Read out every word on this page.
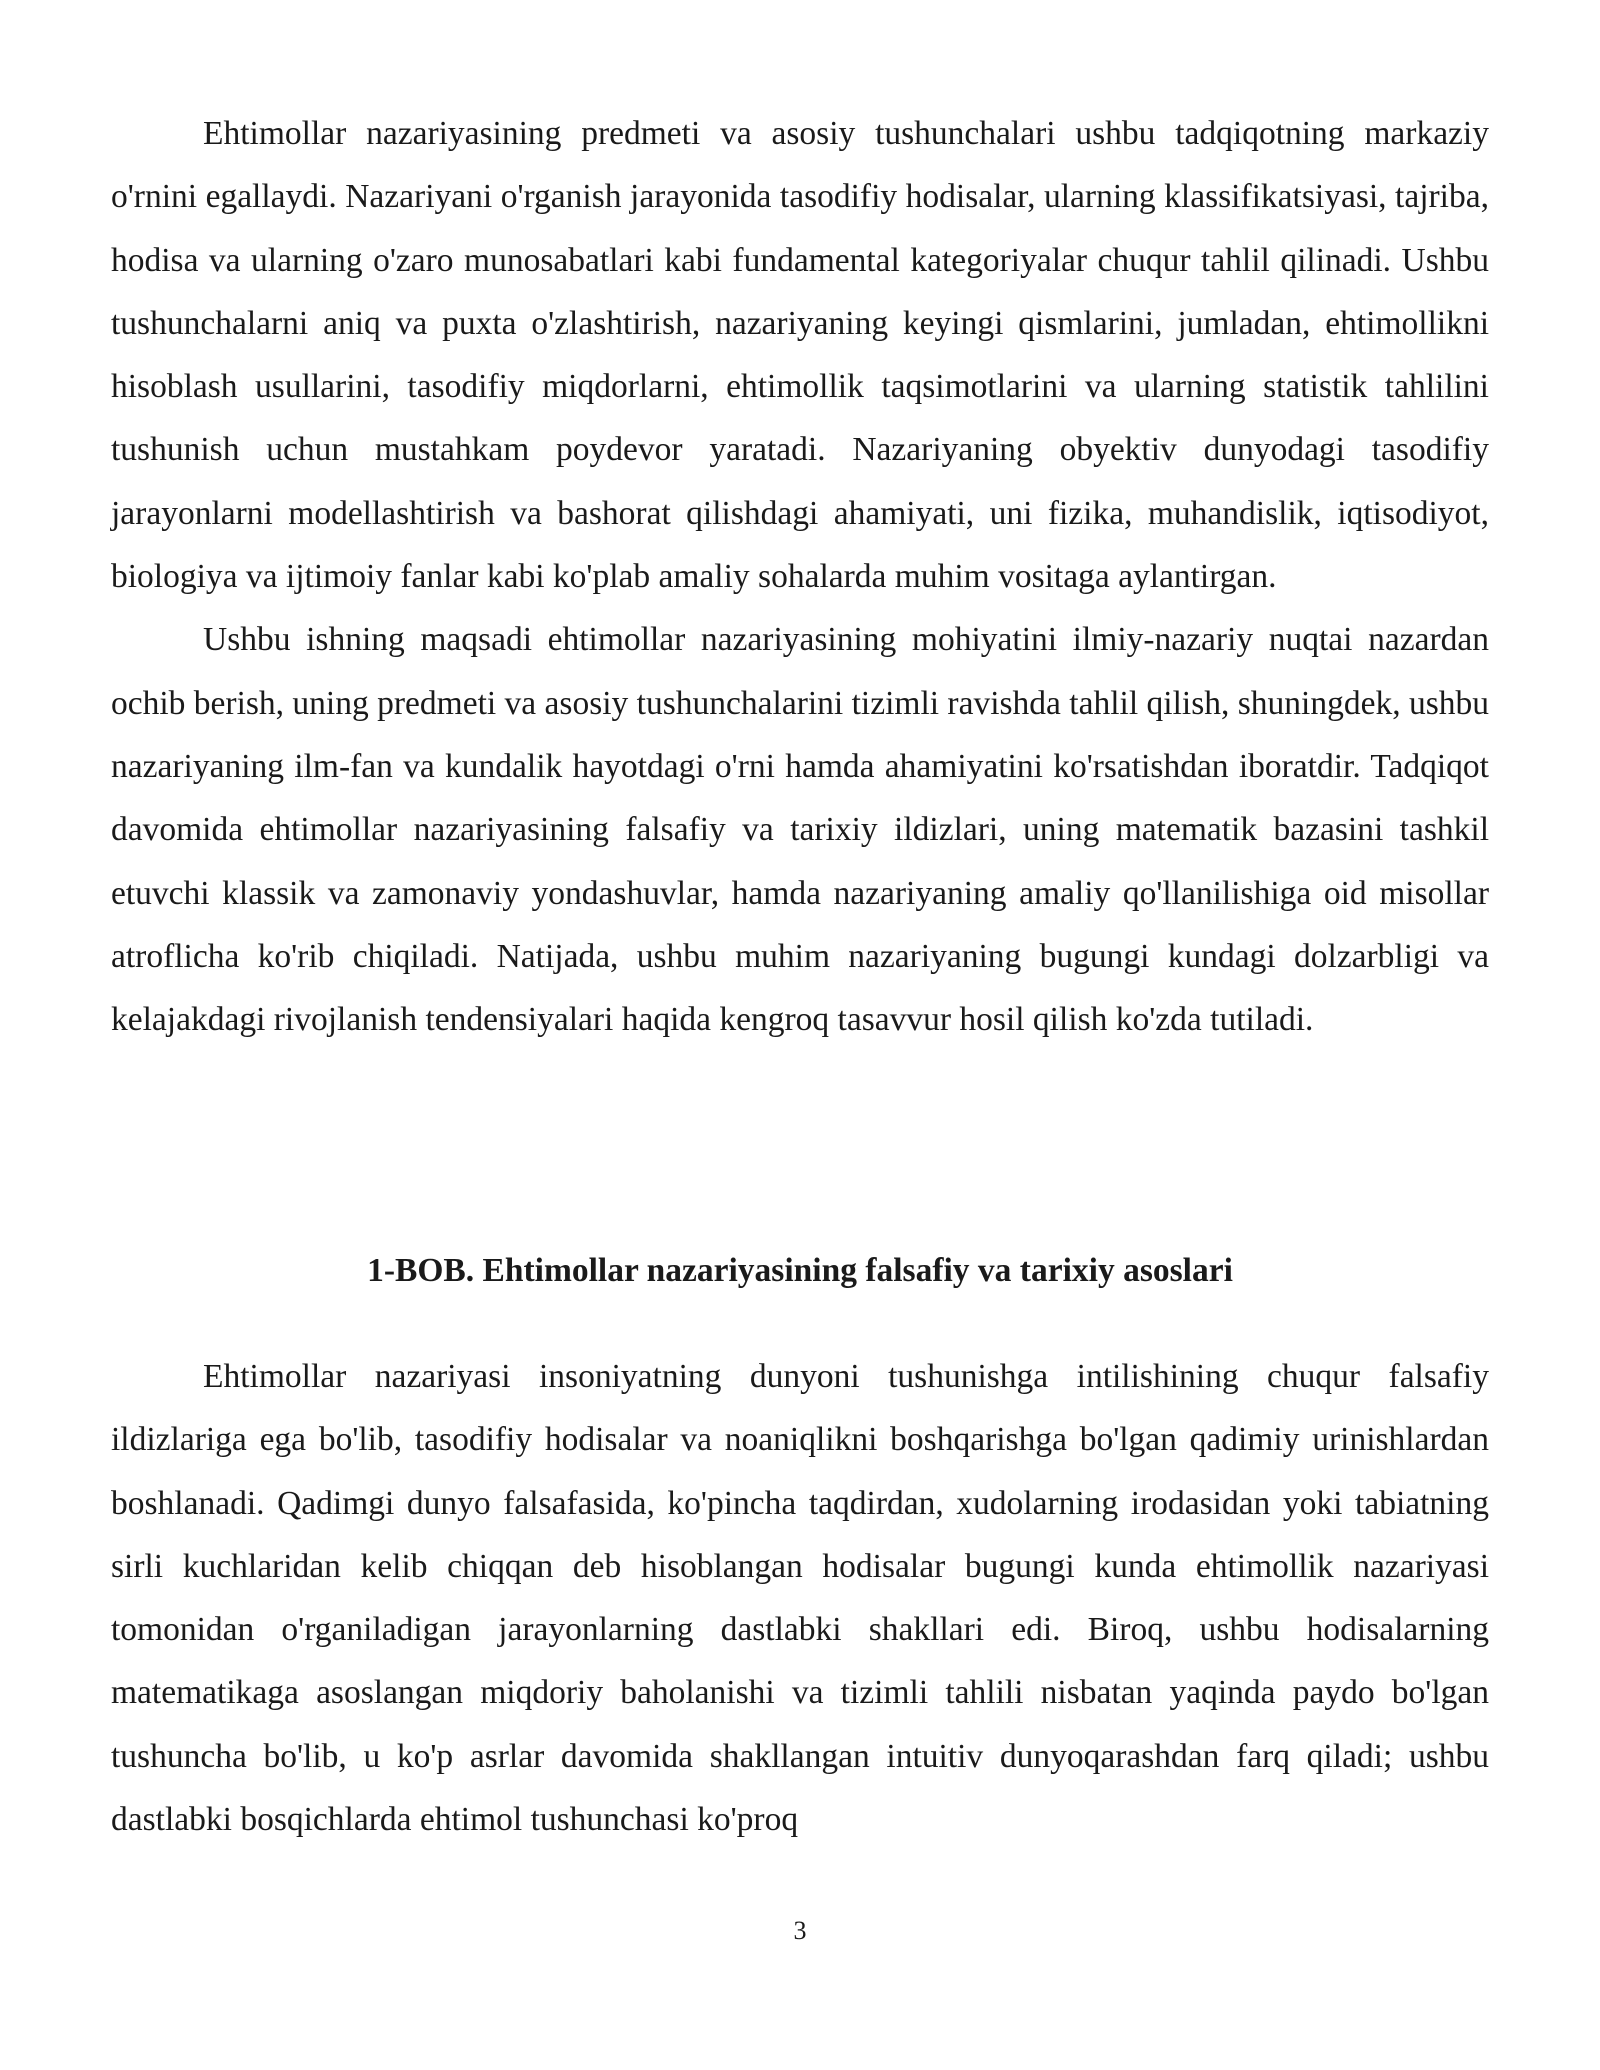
Ehtimollar nazariyasining predmeti va asosiy tushunchalari ushbu tadqiqotning markaziy o'rnini egallaydi. Nazariyani o'rganish jarayonida tasodifiy hodisalar, ularning klassifikatsiyasi, tajriba, hodisa va ularning o'zaro munosabatlari kabi fundamental kategoriyalar chuqur tahlil qilinadi. Ushbu tushunchalarni aniq va puxta o'zlashtirish, nazariyaning keyingi qismlarini, jumladan, ehtimollikni hisoblash usullarini, tasodifiy miqdorlarni, ehtimollik taqsimotlarini va ularning statistik tahlilini tushunish uchun mustahkam poydevor yaratadi. Nazariyaning obyektiv dunyodagi tasodifiy jarayonlarni modellashtirish va bashorat qilishdagi ahamiyati, uni fizika, muhandislik, iqtisodiyot, biologiya va ijtimoiy fanlar kabi ko'plab amaliy sohalarda muhim vositaga aylantirgan.

Ushbu ishning maqsadi ehtimollar nazariyasining mohiyatini ilmiy-nazariy nuqtai nazardan ochib berish, uning predmeti va asosiy tushunchalarini tizimli ravishda tahlil qilish, shuningdek, ushbu nazariyaning ilm-fan va kundalik hayotdagi o'rni hamda ahamiyatini ko'rsatishdan iboratdir. Tadqiqot davomida ehtimollar nazariyasining falsafiy va tarixiy ildizlari, uning matematik bazasini tashkil etuvchi klassik va zamonaviy yondashuvlar, hamda nazariyaning amaliy qo'llanilishiga oid misollar atroflicha ko'rib chiqiladi. Natijada, ushbu muhim nazariyaning bugungi kundagi dolzarbligi va kelajakdagi rivojlanish tendensiyalari haqida kengroq tasavvur hosil qilish ko'zda tutiladi.

1-BOB. Ehtimollar nazariyasining falsafiy va tarixiy asoslari

Ehtimollar nazariyasi insoniyatning dunyoni tushunishga intilishining chuqur falsafiy ildizlariga ega bo'lib, tasodifiy hodisalar va noaniqlikni boshqarishga bo'lgan qadimiy urinishlardan boshlanadi. Qadimgi dunyo falsafasida, ko'pincha taqdirdan, xudolarning irodasidan yoki tabiatning sirli kuchlaridan kelib chiqqan deb hisoblangan hodisalar bugungi kunda ehtimollik nazariyasi tomonidan o'rganiladigan jarayonlarning dastlabki shakllari edi. Biroq, ushbu hodisalarning matematikaga asoslangan miqdoriy baholanishi va tizimli tahlili nisbatan yaqinda paydo bo'lgan tushuncha bo'lib, u ko'p asrlar davomida shakllangan intuitiv dunyoqarashdan farq qiladi; ushbu dastlabki bosqichlarda ehtimol tushunchasi ko'proq

3
